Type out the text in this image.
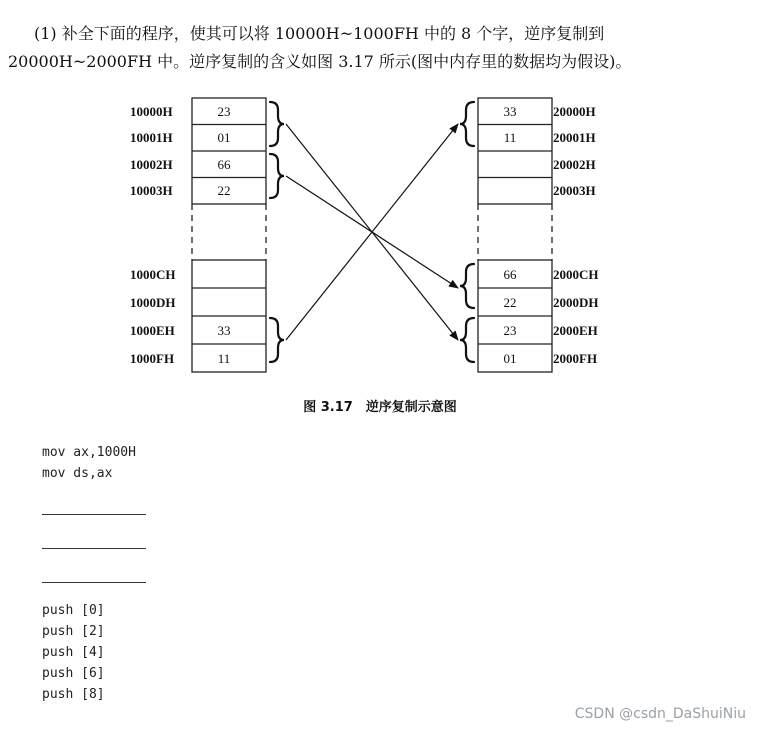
(1) 补全下面的程序，使其可以将 10000H~1000FH 中的 8 个字，逆序复制到
20000H~2000FH 中。逆序复制的含义如图 3.17 所示(图中内存里的数据均为假设)。
10000H
10001H
10002H
10003H
1000CH
1000DH
1000EH
1000FH
23
01
66
22
33
11
33
11
66
22
23
01
20000H
20001H
20002H
20003H
2000CH
2000DH
2000EH
2000FH
图 3.17　逆序复制示意图
mov ax,1000H
mov ds,ax
push [0]
push [2]
push [4]
push [6]
push [8]
CSDN @csdn_DaShuiNiu
